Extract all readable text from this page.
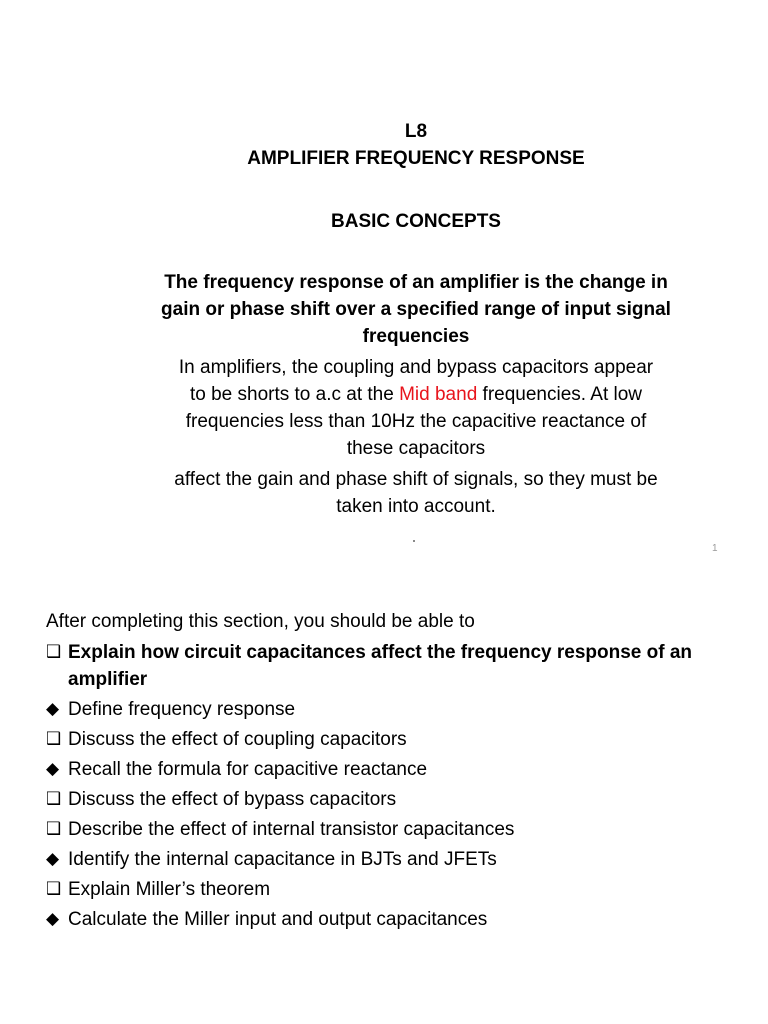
L8
AMPLIFIER FREQUENCY RESPONSE
BASIC CONCEPTS
The frequency response of an amplifier is the change in
gain or phase shift over a specified range of input signal
frequencies
In amplifiers, the coupling and bypass capacitors appear
to be shorts to a.c at the Mid band frequencies. At low
frequencies less than 10Hz the capacitive reactance of
these capacitors
affect the gain and phase shift of signals, so they must be
taken into account.
1
After completing this section, you should be able to
❑ Explain how circuit capacitances affect the frequency response of an
amplifier
◆ Define frequency response
❑ Discuss the effect of coupling capacitors
◆ Recall the formula for capacitive reactance
❑ Discuss the effect of bypass capacitors
❑ Describe the effect of internal transistor capacitances
◆ Identify the internal capacitance in BJTs and JFETs
❑ Explain Miller’s theorem
◆ Calculate the Miller input and output capacitances
